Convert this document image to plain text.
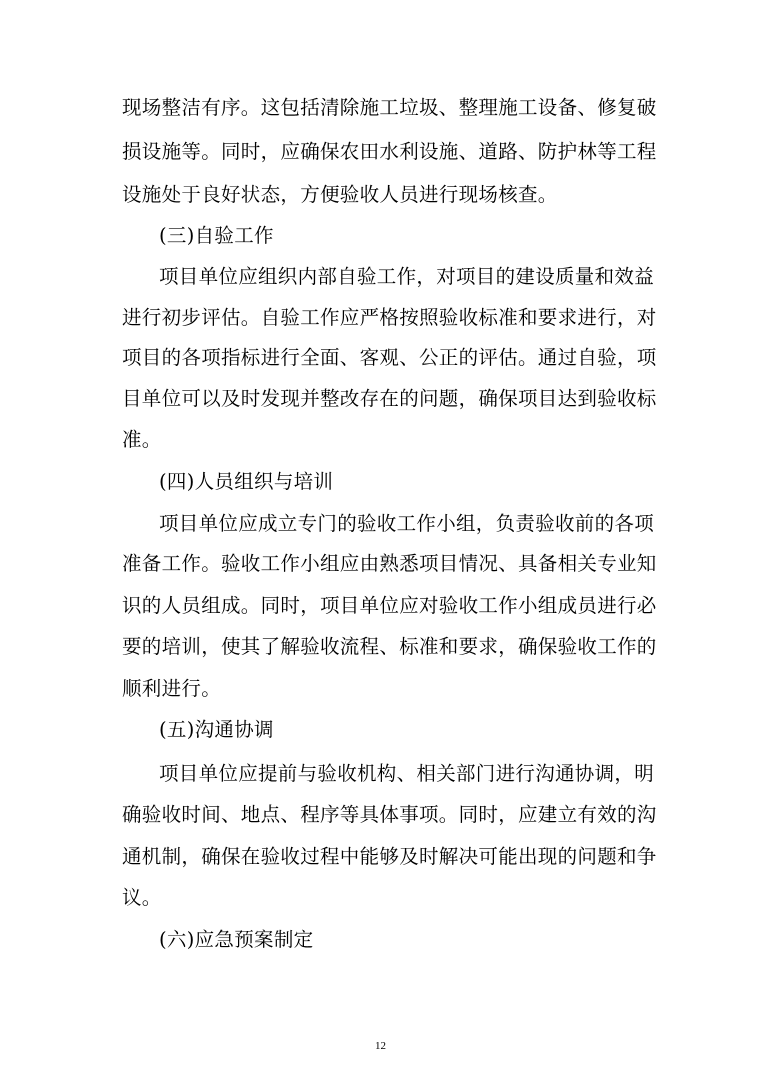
现场整洁有序。这包括清除施工垃圾、整理施工设备、修复破
损设施等。同时，应确保农田水利设施、道路、防护林等工程
设施处于良好状态，方便验收人员进行现场核查。
(三)自验工作
项目单位应组织内部自验工作，对项目的建设质量和效益
进行初步评估。自验工作应严格按照验收标准和要求进行，对
项目的各项指标进行全面、客观、公正的评估。通过自验，项
目单位可以及时发现并整改存在的问题，确保项目达到验收标
准。
(四)人员组织与培训
项目单位应成立专门的验收工作小组，负责验收前的各项
准备工作。验收工作小组应由熟悉项目情况、具备相关专业知
识的人员组成。同时，项目单位应对验收工作小组成员进行必
要的培训，使其了解验收流程、标准和要求，确保验收工作的
顺利进行。
(五)沟通协调
项目单位应提前与验收机构、相关部门进行沟通协调，明
确验收时间、地点、程序等具体事项。同时，应建立有效的沟
通机制，确保在验收过程中能够及时解决可能出现的问题和争
议。
(六)应急预案制定
12
